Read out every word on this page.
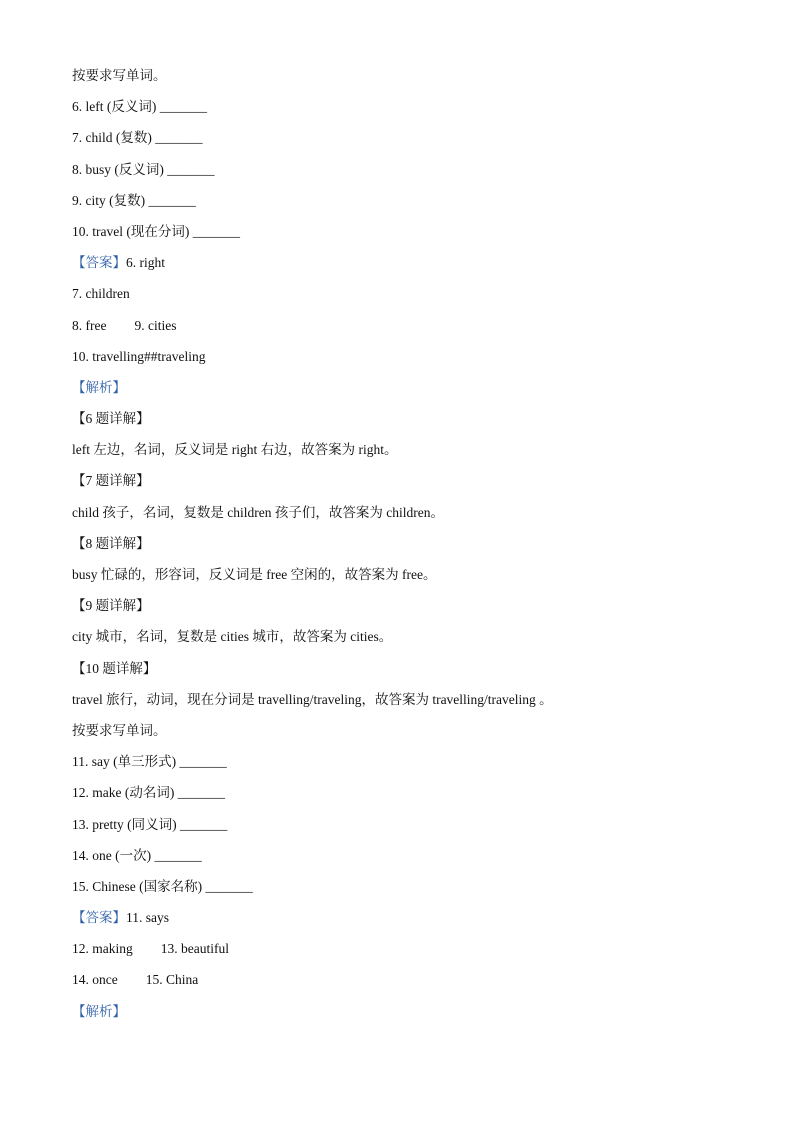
按要求写单词。
6. left (反义词) _______
7. child (复数) _______
8. busy (反义词) _______
9. city (复数) _______
10. travel (现在分词) _______
【答案】6. right
7. children
8. free 9. cities
10. travelling##traveling
【解析】
【6 题详解】
left 左边，名词，反义词是 right 右边，故答案为 right。
【7 题详解】
child 孩子，名词，复数是 children 孩子们，故答案为 children。
【8 题详解】
busy 忙碌的，形容词，反义词是 free 空闲的，故答案为 free。
【9 题详解】
city 城市，名词，复数是 cities 城市，故答案为 cities。
【10 题详解】
travel 旅行，动词，现在分词是 travelling/traveling，故答案为 travelling/traveling 。
按要求写单词。
11. say (单三形式) _______
12. make (动名词) _______
13. pretty (同义词) _______
14. one (一次) _______
15. Chinese (国家名称) _______
【答案】11. says
12. making 13. beautiful
14. once 15. China
【解析】
